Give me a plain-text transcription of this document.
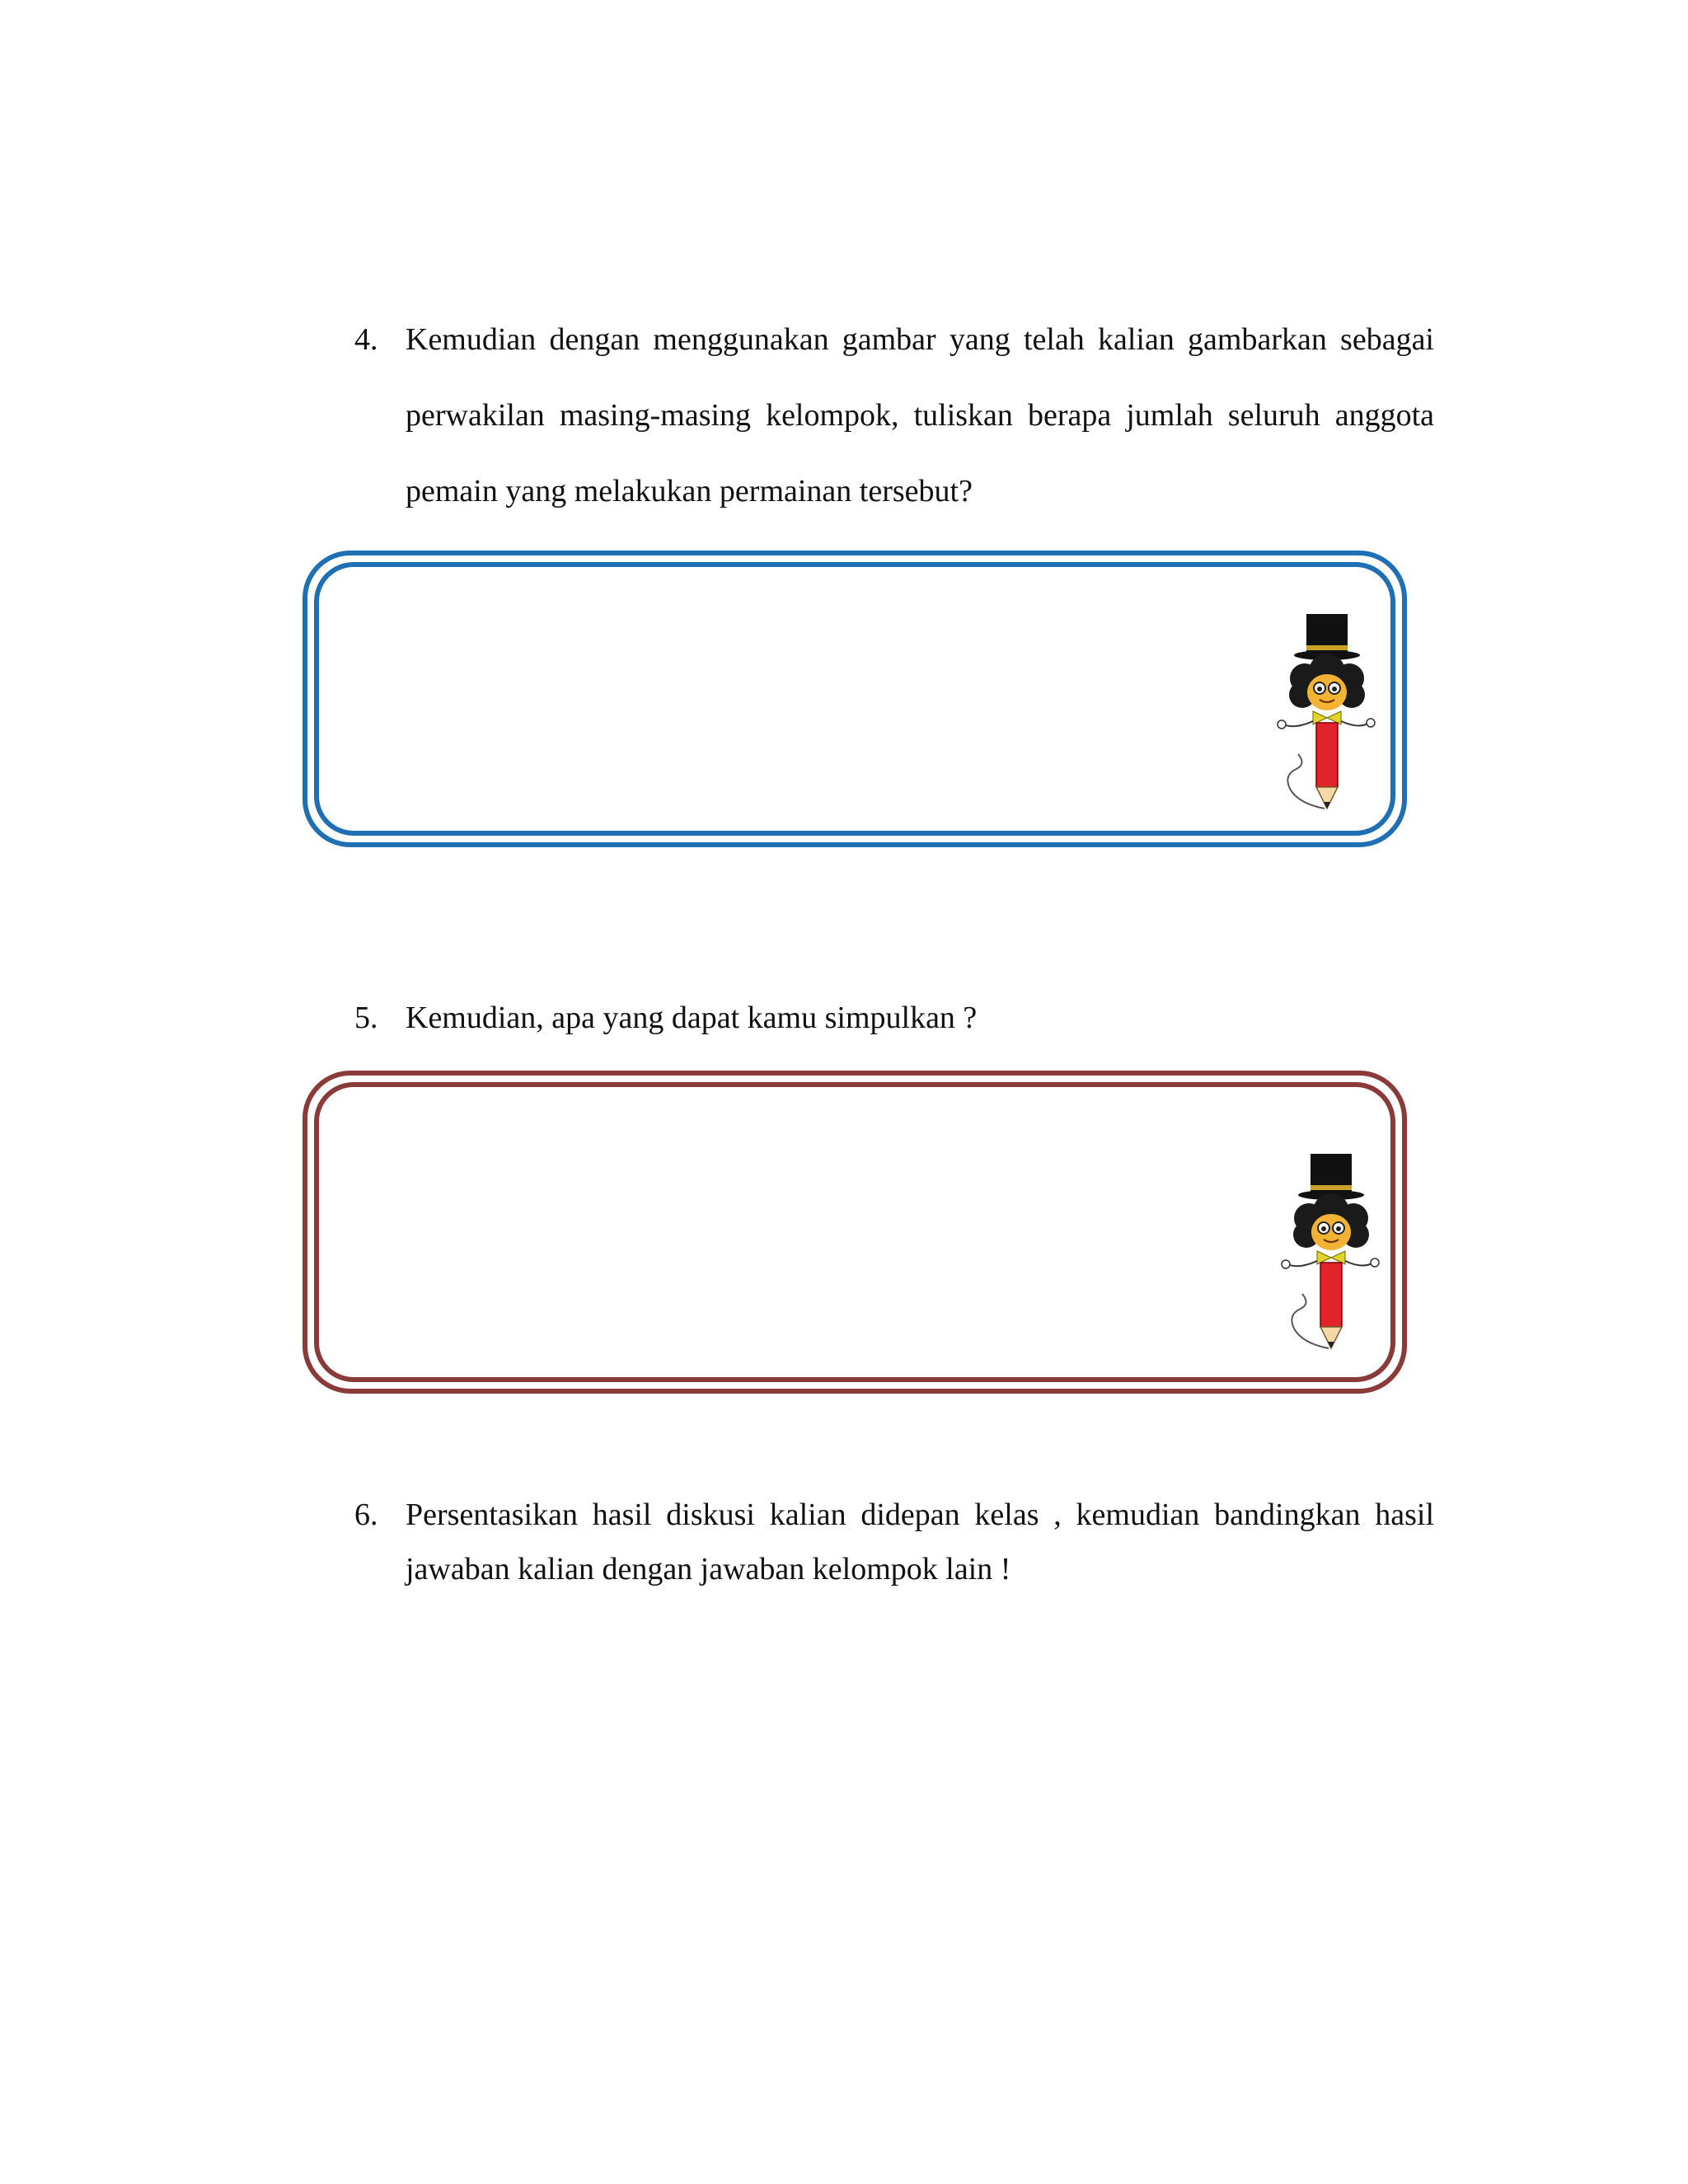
4. Kemudian dengan menggunakan gambar yang telah kalian gambarkan sebagai perwakilan masing-masing kelompok, tuliskan berapa jumlah seluruh anggota pemain yang melakukan permainan tersebut?
5. Kemudian, apa yang dapat kamu simpulkan ?
6. Persentasikan hasil diskusi kalian didepan kelas , kemudian bandingkan hasil jawaban kalian dengan jawaban kelompok lain !
